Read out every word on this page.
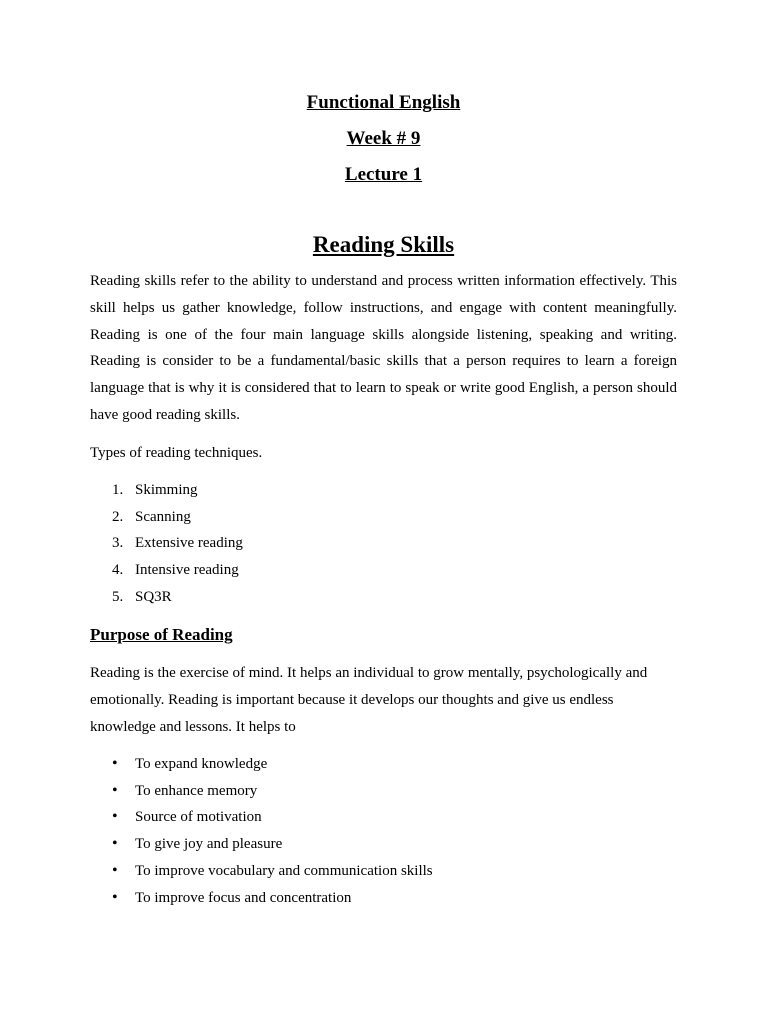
Functional English

Week # 9

Lecture 1

Reading Skills

Reading skills refer to the ability to understand and process written information effectively. This skill helps us gather knowledge, follow instructions, and engage with content meaningfully. Reading is one of the four main language skills alongside listening, speaking and writing. Reading is consider to be a fundamental/basic skills that a person requires to learn a foreign language that is why it is considered that to learn to speak or write good English, a person should have good reading skills.

Types of reading techniques.

1. Skimming
2. Scanning
3. Extensive reading
4. Intensive reading
5. SQ3R
Purpose of Reading

Reading is the exercise of mind. It helps an individual to grow mentally, psychologically and emotionally. Reading is important because it develops our thoughts and give us endless knowledge and lessons. It helps to

• To expand knowledge
• To enhance memory
• Source of motivation
• To give joy and pleasure
• To improve vocabulary and communication skills
• To improve focus and concentration
